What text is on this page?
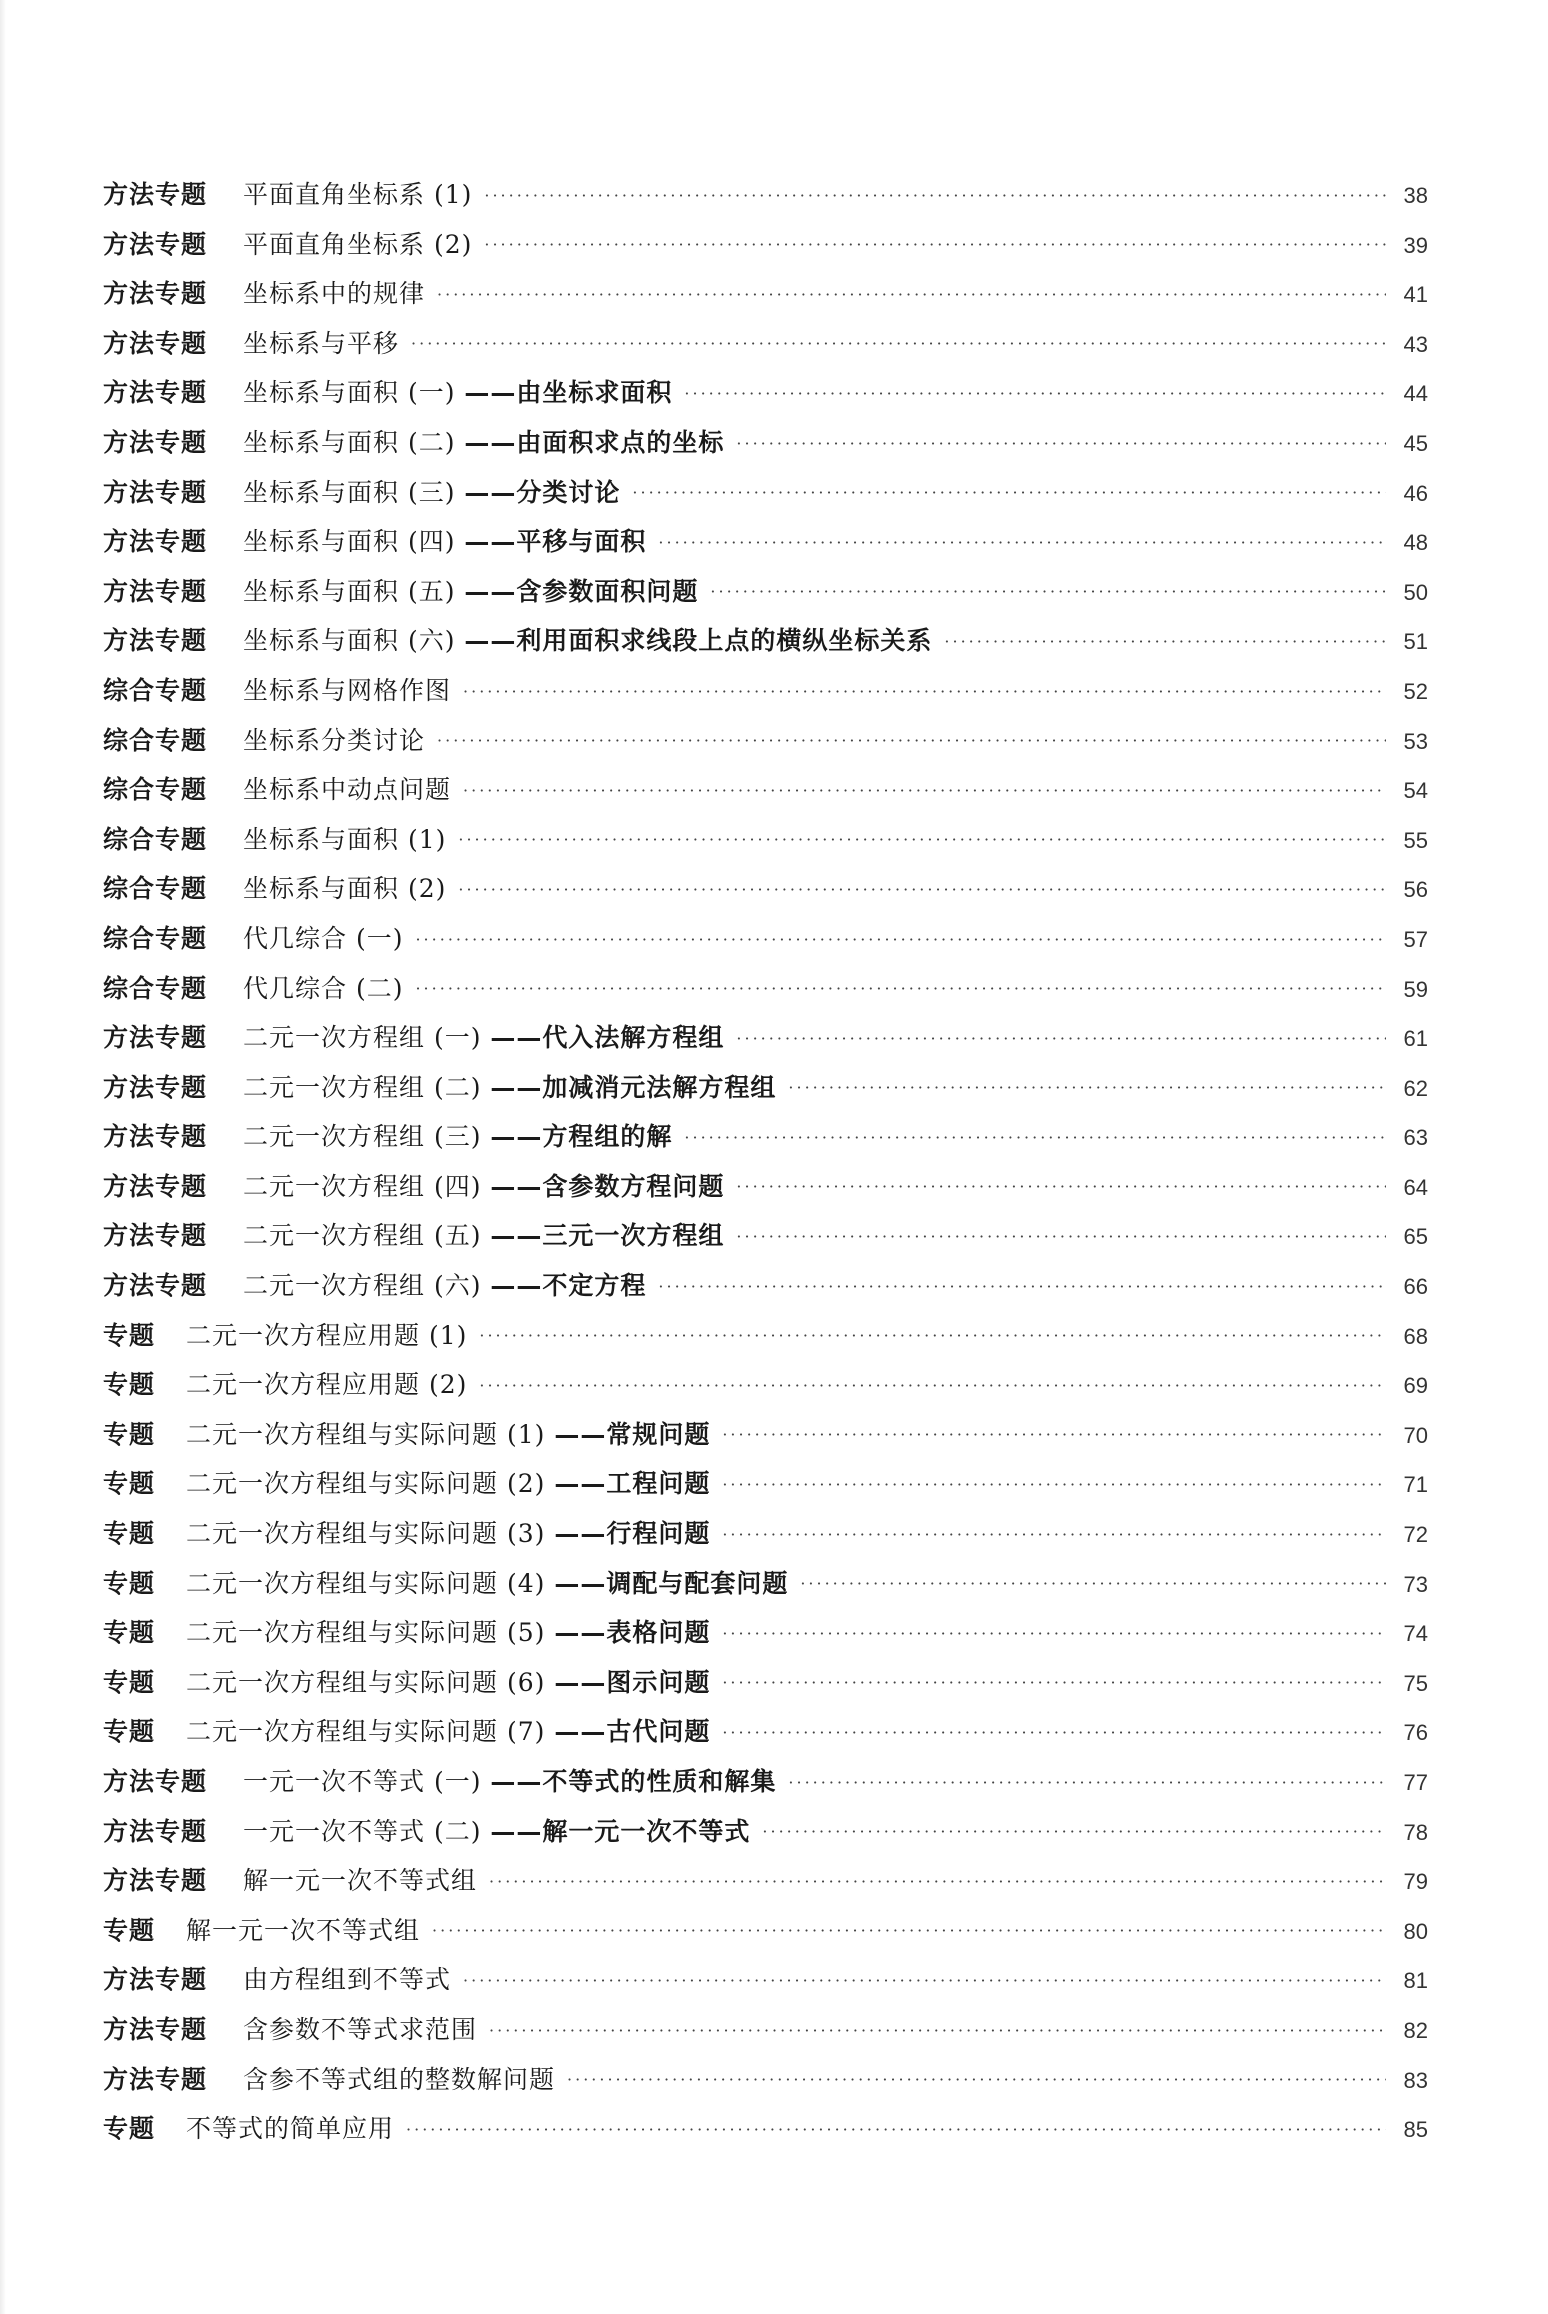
方法专题	平面直角坐标系 (1) ·····	38
方法专题	平面直角坐标系 (2) ·····	39
方法专题	坐标系中的规律 ·····	41
方法专题	坐标系与平移 ·····	43
方法专题	坐标系与面积 (一) ——由坐标求面积 ·····	44
方法专题	坐标系与面积 (二) ——由面积求点的坐标 ·····	45
方法专题	坐标系与面积 (三) ——分类讨论 ·····	46
方法专题	坐标系与面积 (四) ——平移与面积 ·····	48
方法专题	坐标系与面积 (五) ——含参数面积问题 ·····	50
方法专题	坐标系与面积 (六) ——利用面积求线段上点的横纵坐标关系 ·····	51
综合专题	坐标系与网格作图 ·····	52
综合专题	坐标系分类讨论 ·····	53
综合专题	坐标系中动点问题 ·····	54
综合专题	坐标系与面积 (1) ·····	55
综合专题	坐标系与面积 (2) ·····	56
综合专题	代几综合 (一) ·····	57
综合专题	代几综合 (二) ·····	59
方法专题	二元一次方程组 (一) ——代入法解方程组 ·····	61
方法专题	二元一次方程组 (二) ——加减消元法解方程组 ·····	62
方法专题	二元一次方程组 (三) ——方程组的解 ·····	63
方法专题	二元一次方程组 (四) ——含参数方程问题 ·····	64
方法专题	二元一次方程组 (五) ——三元一次方程组 ·····	65
方法专题	二元一次方程组 (六) ——不定方程 ·····	66
专题	二元一次方程应用题 (1) ·····	68
专题	二元一次方程应用题 (2) ·····	69
专题	二元一次方程组与实际问题 (1) ——常规问题 ·····	70
专题	二元一次方程组与实际问题 (2) ——工程问题 ·····	71
专题	二元一次方程组与实际问题 (3) ——行程问题 ·····	72
专题	二元一次方程组与实际问题 (4) ——调配与配套问题 ·····	73
专题	二元一次方程组与实际问题 (5) ——表格问题 ·····	74
专题	二元一次方程组与实际问题 (6) ——图示问题 ·····	75
专题	二元一次方程组与实际问题 (7) ——古代问题 ·····	76
方法专题	一元一次不等式 (一) ——不等式的性质和解集 ·····	77
方法专题	一元一次不等式 (二) ——解一元一次不等式 ·····	78
方法专题	解一元一次不等式组 ·····	79
专题	解一元一次不等式组 ·····	80
方法专题	由方程组到不等式 ·····	81
方法专题	含参数不等式求范围 ·····	82
方法专题	含参不等式组的整数解问题 ·····	83
专题	不等式的简单应用 ·····	85
